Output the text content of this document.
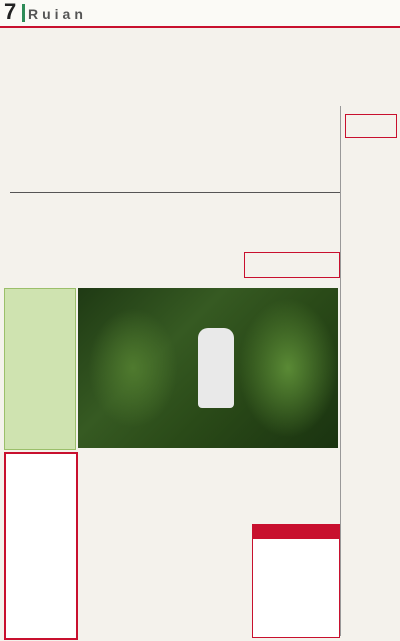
7 Ruian
